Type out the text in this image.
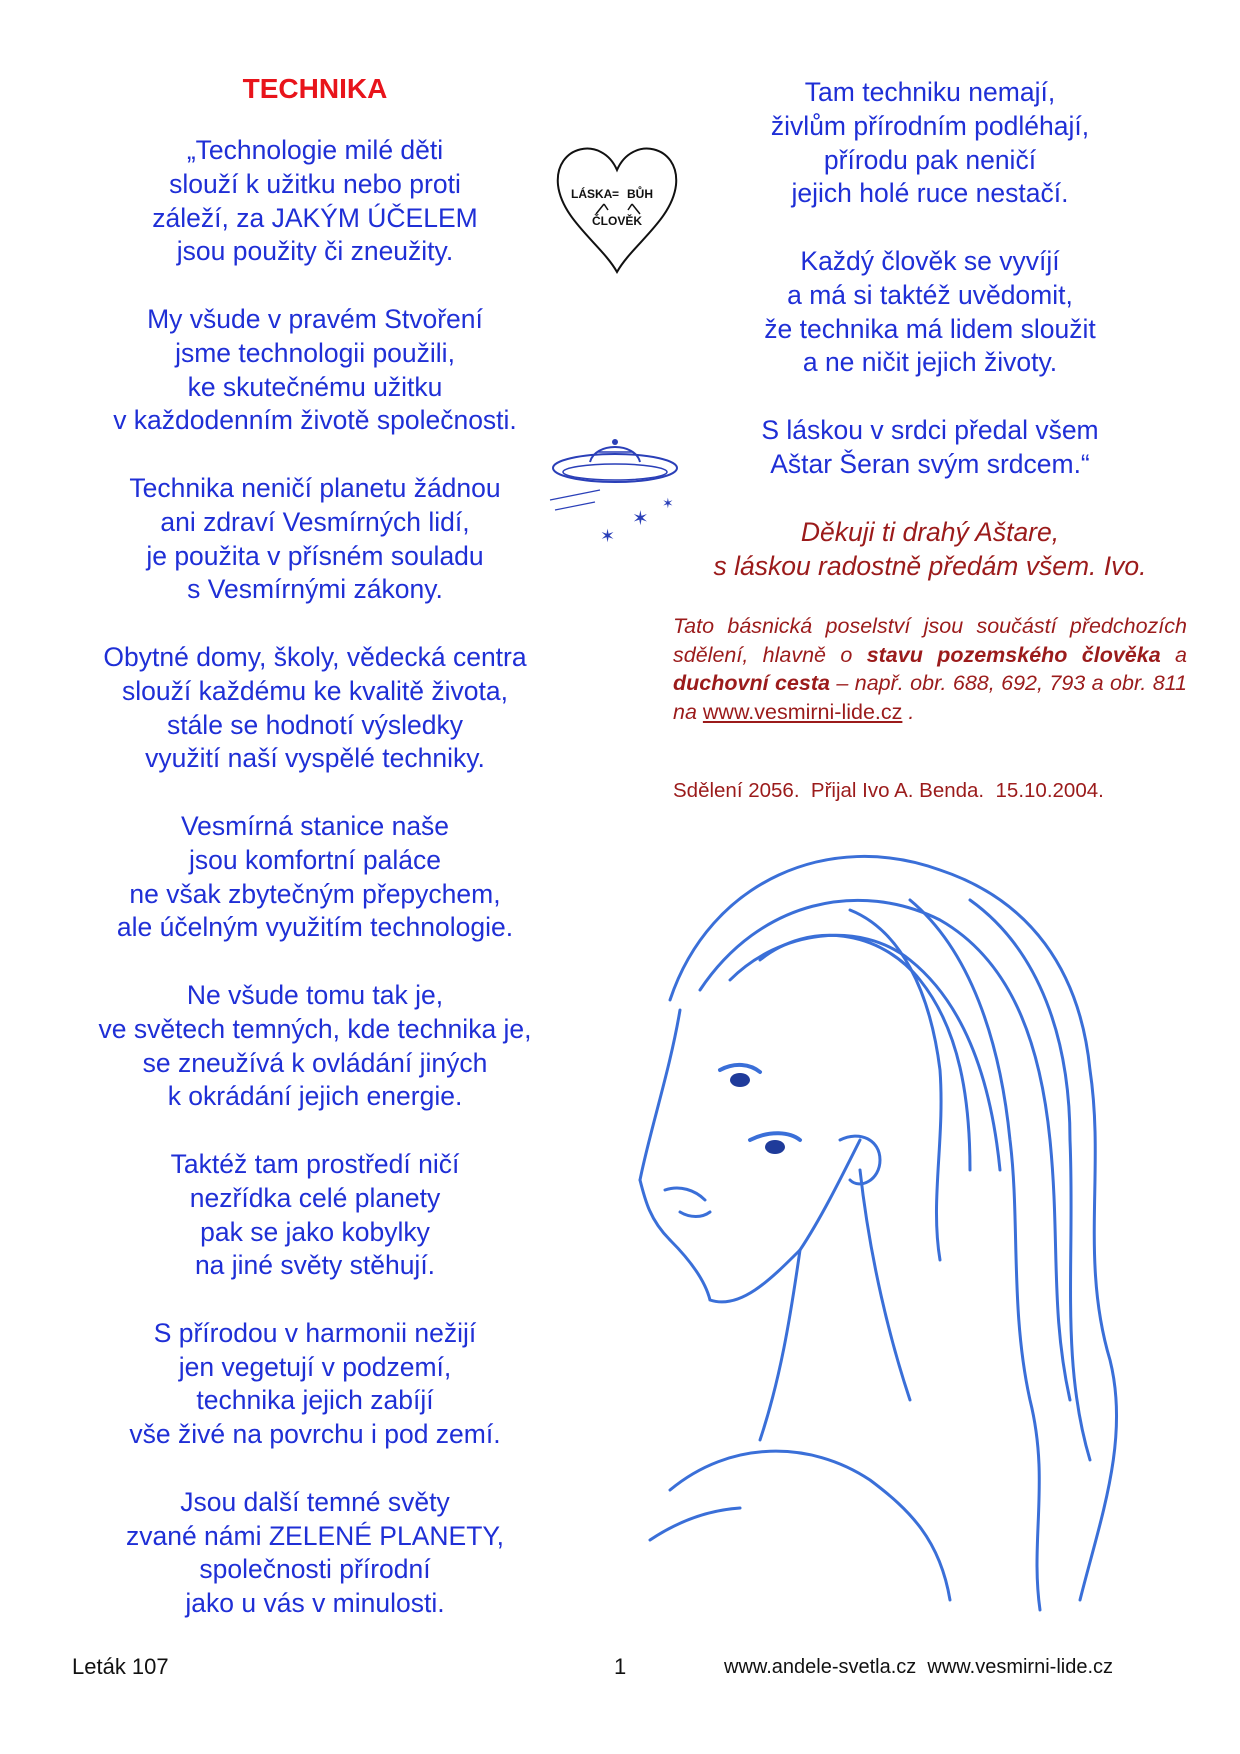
TECHNIKA
„Technologie milé děti
slouží k užitku nebo proti
záleží, za JAKÝM ÚČELEM
jsou použity či zneužity.
My všude v pravém Stvoření
jsme technologii použili,
ke skutečnému užitku
v každodenním životě společnosti.
Technika neničí planetu žádnou
ani zdraví Vesmírných lidí,
je použita v přísném souladu
s Vesmírnými zákony.
Obytné domy, školy, vědecká centra
slouží každému ke kvalitě života,
stále se hodnotí výsledky
využití naší vyspělé techniky.
Vesmírná stanice naše
jsou komfortní paláce
ne však zbytečným přepychem,
ale účelným využitím technologie.
Ne všude tomu tak je,
ve světech temných, kde technika je,
se zneužívá k ovládání jiných
k okrádání jejich energie.
Taktéž tam prostředí ničí
nezřídka celé planety
pak se jako kobylky
na jiné světy stěhují.
S přírodou v harmonii nežijí
jen vegetují v podzemí,
technika jejich zabíjí
vše živé na povrchu i pod zemí.
Jsou další temné světy
zvané námi ZELENÉ PLANETY,
společnosti přírodní
jako u vás v minulosti.
Tam techniku nemají,
živlům přírodním podléhají,
přírodu pak neničí
jejich holé ruce nestačí.
Každý člověk se vyvíjí
a má si taktéž uvědomit,
že technika má lidem sloužit
a ne ničit jejich životy.
S láskou v srdci předal všem
Aštar Šeran svým srdcem.“
Děkuji ti drahý Aštare,
s láskou radostně předám všem. Ivo.
Tato básnická poselství jsou součástí předchozích sdělení, hlavně o stavu pozemského člověka a duchovní cesta – např. obr. 688, 692, 793 a obr. 811 na www.vesmirni-lide.cz .
Sdělení 2056.  Přijal Ivo A. Benda.  15.10.2004.
LÁSKA = BŮH
ČLOVĚK
✶
✶
✶
Leták 107	1	www.andele-svetla.cz  www.vesmirni-lide.cz
